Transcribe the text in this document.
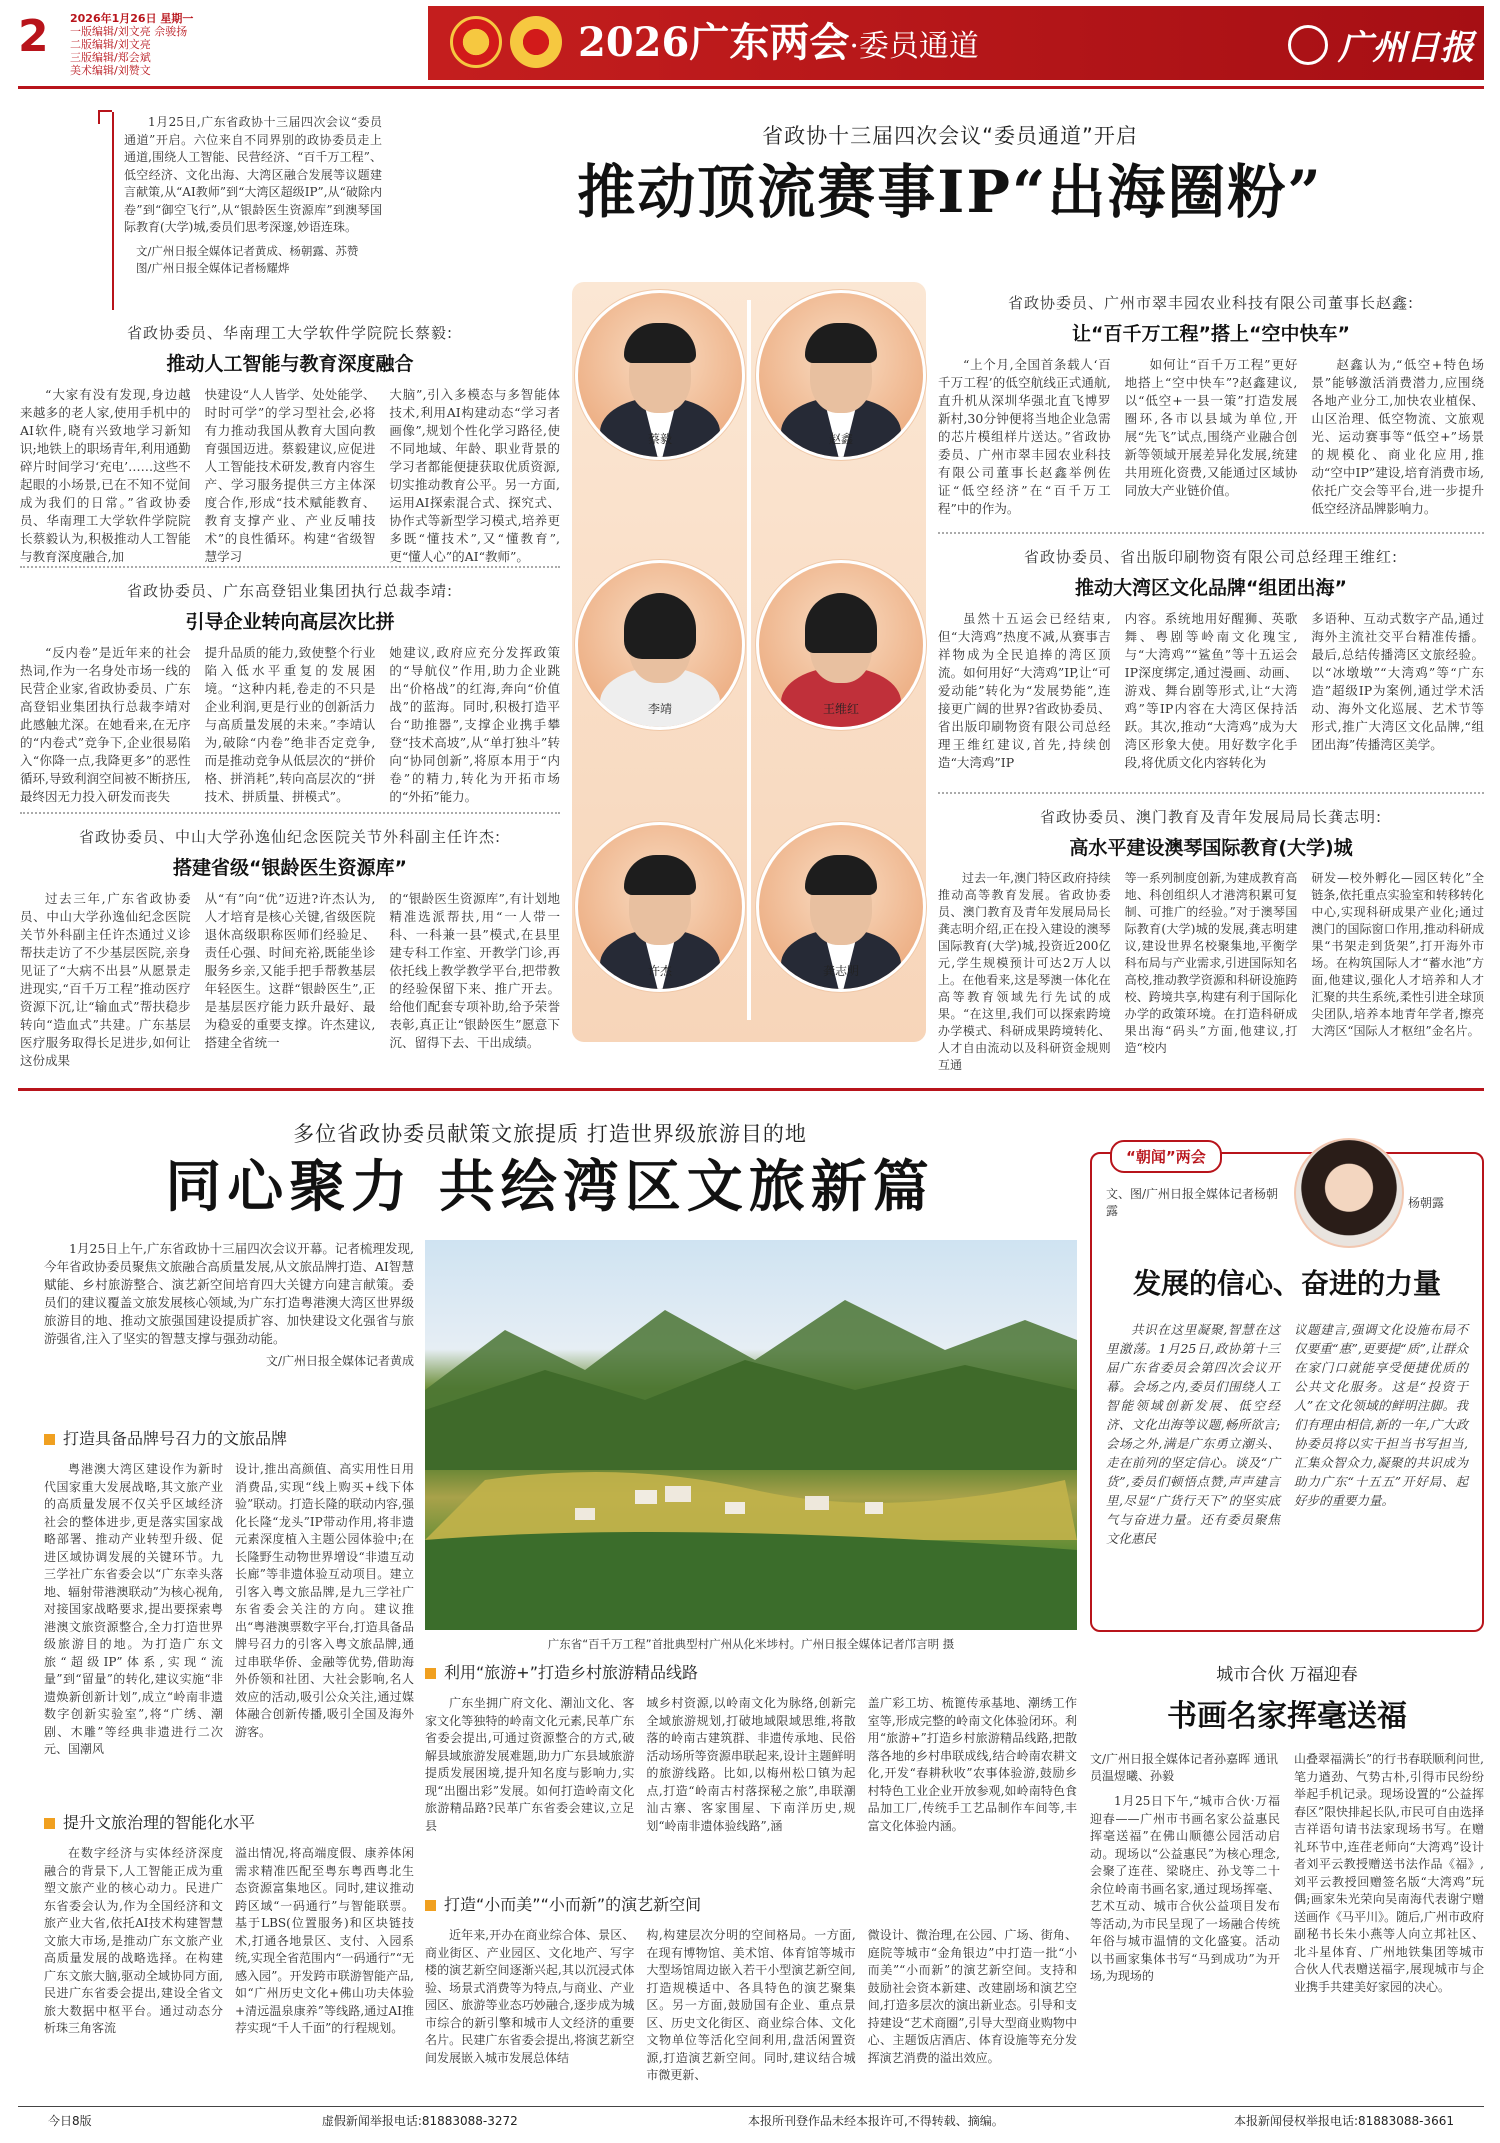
2 2026年1月26日 星期一
一版编辑/刘文亮 佘骏扬
二版编辑/刘文亮
三版编辑/郑会斌
美术编辑/刘赞文
2026广东两会·委员通道	广州日报

1月25日,广东省政协十三届四次会议“委员通道”开启。六位来自不同界别的政协委员走上通道,围绕人工智能、民营经济、“百千万工程”、低空经济、文化出海、大湾区融合发展等议题建言献策,从“AI教师”到“大湾区超级IP”,从“破除内卷”到“御空飞行”,从“银龄医生资源库”到澳琴国际教育(大学)城,委员们思考深邃,妙语连珠。

文/广州日报全媒体记者黄成、杨朝露、苏赞
图/广州日报全媒体记者杨耀烨
省政协十三届四次会议“委员通道”开启
推动顶流赛事IP“出海圈粉”
蔡毅	赵鑫
李靖	王维红
许杰	龚志明
省政协委员、华南理工大学软件学院院长蔡毅:
推动人工智能与教育深度融合

“大家有没有发现,身边越来越多的老人家,使用手机中的AI软件,晓有兴致地学习新知识;地铁上的职场青年,利用通勤碎片时间学习‘充电’……这些不起眼的小场景,已在不知不觉间成为我们的日常。”省政协委员、华南理工大学软件学院院长蔡毅认为,积极推动人工智能与教育深度融合,加

快建设“人人皆学、处处能学、时时可学”的学习型社会,必将有力推动我国从教育大国向教育强国迈进。蔡毅建议,应促进人工智能技术研发,教育内容生产、学习服务提供三方主体深度合作,形成“技术赋能教育、教育支撑产业、产业反哺技术”的良性循环。构建“省级智慧学习

大脑”,引入多模态与多智能体技术,利用AI构建动态“学习者画像”,规划个性化学习路径,使不同地域、年龄、职业背景的学习者都能便捷获取优质资源,切实推动教育公平。另一方面,运用AI探索混合式、探究式、协作式等新型学习模式,培养更多既“懂技术”,又“懂教育”,更“懂人心”的AI“教师”。

省政协委员、广东高登铝业集团执行总裁李靖:
引导企业转向高层次比拼

“反内卷”是近年来的社会热词,作为一名身处市场一线的民营企业家,省政协委员、广东高登铝业集团执行总裁李靖对此感触尤深。在她看来,在无序的“内卷式”竞争下,企业很易陷入“你降一点,我降更多”的恶性循环,导致利润空间被不断挤压,最终因无力投入研发而丧失

提升品质的能力,致使整个行业陷入低水平重复的发展困境。“这种内耗,卷走的不只是企业利润,更是行业的创新活力与高质量发展的未来。”李靖认为,破除“内卷”绝非否定竞争,而是推动竞争从低层次的“拼价格、拼消耗”,转向高层次的“拼技术、拼质量、拼模式”。

她建议,政府应充分发挥政策的“导航仪”作用,助力企业跳出“价格战”的红海,奔向“价值战”的蓝海。同时,积极打造平台“助推器”,支撑企业携手攀登“技术高坡”,从“单打独斗”转向“协同创新”,将原本用于“内卷”的精力,转化为开拓市场的“外拓”能力。

省政协委员、中山大学孙逸仙纪念医院关节外科副主任许杰:
搭建省级“银龄医生资源库”

过去三年,广东省政协委员、中山大学孙逸仙纪念医院关节外科副主任许杰通过义诊帮扶走访了不少基层医院,亲身见证了“大病不出县”从愿景走进现实,“百千万工程”推动医疗资源下沉,让“输血式”帮扶稳步转向“造血式”共建。广东基层医疗服务取得长足进步,如何让这份成果

从“有”向“优”迈进?许杰认为,人才培育是核心关键,省级医院退休高级职称医师们经验足、责任心强、时间充裕,既能坐诊服务乡亲,又能手把手帮教基层年轻医生。这群“银龄医生”,正是基层医疗能力跃升最好、最为稳妥的重要支撑。许杰建议,搭建全省统一

的“银龄医生资源库”,有计划地精准选派帮扶,用“一人带一科、一科兼一县”模式,在县里建专科工作室、开教学门诊,再依托线上教学教学平台,把带教的经验保留下来、推广开去。给他们配套专项补助,给予荣誉表彰,真正让“银龄医生”愿意下沉、留得下去、干出成绩。

省政协委员、广州市翠丰园农业科技有限公司董事长赵鑫:
让“百千万工程”搭上“空中快车”

“上个月,全国首条载人‘百千万工程’的低空航线正式通航,直升机从深圳华强北直飞博罗新村,30分钟便将当地企业急需的芯片模组样片送达。”省政协委员、广州市翠丰园农业科技有限公司董事长赵鑫举例佐证“低空经济”在“百千万工程”中的作为。

如何让“百千万工程”更好地搭上“空中快车”?赵鑫建议,以“低空+一县一策”打造发展圈环,各市以县域为单位,开展“先飞”试点,围绕产业融合创新等领域开展差异化发展,统建共用班化资费,又能通过区域协同放大产业链价值。

赵鑫认为,“低空+特色场景”能够激活消费潜力,应围绕各地产业分工,加快农业植保、山区治理、低空物流、文旅观光、运动赛事等“低空+”场景的规模化、商业化应用,推动“空中IP”建设,培育消费市场,依托广交会等平台,进一步提升低空经济品牌影响力。

省政协委员、省出版印刷物资有限公司总经理王维红:
推动大湾区文化品牌“组团出海”

虽然十五运会已经结束,但“大湾鸡”热度不减,从赛事吉祥物成为全民追捧的湾区顶流。如何用好“大湾鸡”IP,让“可爱动能”转化为“发展势能”,连接更广阔的世界?省政协委员、省出版印刷物资有限公司总经理王维红建议,首先,持续创造“大湾鸡”IP

内容。系统地用好醒狮、英歌舞、粤剧等岭南文化瑰宝,与“大湾鸡”“鲨鱼”等十五运会IP深度绑定,通过漫画、动画、游戏、舞台剧等形式,让“大湾鸡”等IP内容在大湾区保持活跃。其次,推动“大湾鸡”成为大湾区形象大使。用好数字化手段,将优质文化内容转化为

多语种、互动式数字产品,通过海外主流社交平台精准传播。最后,总结传播湾区文旅经验。以“冰墩墩”“大湾鸡”等“广东造”超级IP为案例,通过学术活动、海外文化巡展、艺术节等形式,推广大湾区文化品牌,“组团出海”传播湾区美学。

省政协委员、澳门教育及青年发展局局长龚志明:
高水平建设澳琴国际教育(大学)城

过去一年,澳门特区政府持续推动高等教育发展。省政协委员、澳门教育及青年发展局局长龚志明介绍,正在投入建设的澳琴国际教育(大学)城,投资近200亿元,学生规模预计可达2万人以上。在他看来,这是琴澳一体化在高等教育领域先行先试的成果。“在这里,我们可以探索跨境办学模式、科研成果跨境转化、人才自由流动以及科研资金规则互通

等一系列制度创新,为建成教育高地、科创组织人才港湾积累可复制、可推广的经验。”对于澳琴国际教育(大学)城的发展,龚志明建议,建设世界名校聚集地,平衡学科布局与产业需求,引进国际知名高校,推动教学资源和科研设施跨校、跨境共享,构建有利于国际化办学的政策环境。在打造科研成果出海“码头”方面,他建议,打造“校内

研发—校外孵化—园区转化”全链条,依托重点实验室和转移转化中心,实现科研成果产业化;通过澳门的国际窗口作用,推动科研成果“书架走到货架”,打开海外市场。在构筑国际人才“蓄水池”方面,他建议,强化人才培养和人才汇聚的共生系统,柔性引进全球顶尖团队,培养本地青年学者,擦亮大湾区“国际人才枢纽”金名片。

多位省政协委员献策文旅提质 打造世界级旅游目的地
同心聚力 共绘湾区文旅新篇

1月25日上午,广东省政协十三届四次会议开幕。记者梳理发现,今年省政协委员聚焦文旅融合高质量发展,从文旅品牌打造、AI智慧赋能、乡村旅游整合、演艺新空间培育四大关键方向建言献策。委员们的建议覆盖文旅发展核心领域,为广东打造粤港澳大湾区世界级旅游目的地、推动文旅强国建设提质扩容、加快建设文化强省与旅游强省,注入了坚实的智慧支撑与强劲动能。

文/广州日报全媒体记者黄成
广东省“百千万工程”首批典型村广州从化米埗村。广州日报全媒体记者邝言明 摄
打造具备品牌号召力的文旅品牌

粤港澳大湾区建设作为新时代国家重大发展战略,其文旅产业的高质量发展不仅关乎区域经济社会的整体进步,更是落实国家战略部署、推动产业转型升级、促进区域协调发展的关键环节。九三学社广东省委会以“广东幸头落地、辐射带港澳联动”为核心视角,对接国家战略要求,提出要探索粤港澳文旅资源整合,全力打造世界级旅游目的地。为打造广东文旅“超级IP”体系,实现“流量”到“留量”的转化,建议实施“非遗焕新创新计划”,成立“岭南非遗数字创新实验室”,将“广绣、潮剧、木雕”等经典非遗进行二次元、国潮风

设计,推出高颜值、高实用性日用消费品,实现“线上购买+线下体验”联动。打造长隆的联动内容,强化长隆“龙头”IP带动作用,将非遗元素深度植入主题公园体验中;在长隆野生动物世界增设“非遗互动长廊”等非遗体验互动项目。建立引客入粤文旅品牌,是九三学社广东省委会关注的方向。建议推出“粤港澳票数字平台,打造具备品牌号召力的引客入粤文旅品牌,通过串联华侨、金融等优势,借助海外侨领和社团、大社会影响,名人效应的活动,吸引公众关注,通过媒体融合创新传播,吸引全国及海外游客。

提升文旅治理的智能化水平

在数字经济与实体经济深度融合的背景下,人工智能正成为重塑文旅产业的核心动力。民进广东省委会认为,作为全国经济和文旅产业大省,依托AI技术构建智慧文旅大市场,是推动广东文旅产业高质量发展的战略选择。在构建广东文旅大脑,驱动全域协同方面,民进广东省委会提出,建设全省文旅大数据中枢平台。通过动态分析珠三角客流

溢出情况,将高端度假、康养体闲需求精准匹配至粤东粤西粤北生态资源富集地区。同时,建议推动跨区域“一码通行”与智能联票。基于LBS(位置服务)和区块链技术,打通各地景区、支付、入园系统,实现全省范围内“一码通行”“无感入园”。开发跨市联游智能产品,如“广州历史文化+佛山功夫体验+清远温泉康养”等线路,通过AI推荐实现“千人千面”的行程规划。

利用“旅游+”打造乡村旅游精品线路

广东坐拥广府文化、潮汕文化、客家文化等独特的岭南文化元素,民革广东省委会提出,可通过资源整合的方式,破解县域旅游发展难题,助力广东县域旅游提质发展困境,提升知名度与影响力,实现“出圈出彩”发展。如何打造岭南文化旅游精品路?民革广东省委会建议,立足县

域乡村资源,以岭南文化为脉络,创新完全域旅游规划,打破地域限域思维,将散落的岭南古建筑群、非遗传承地、民俗活动场所等资源串联起来,设计主题鲜明的旅游线路。比如,以梅州松口镇为起点,打造“岭南古村落探秘之旅”,串联潮汕古寨、客家围屋、下南洋历史,规划“岭南非遗体验线路”,涵

盖广彩工坊、梳篦传承基地、潮绣工作室等,形成完整的岭南文化体验闭环。利用“旅游+”打造乡村旅游精品线路,把散落各地的乡村串联成线,结合岭南农耕文化,开发“春耕秋收”农事体验游,鼓励乡村特色工业企业开放参观,如岭南特色食品加工厂,传统手工艺品制作车间等,丰富文化体验内涵。

打造“小而美”“小而新”的演艺新空间

近年来,开办在商业综合体、景区、商业街区、产业园区、文化地产、写字楼的演艺新空间逐渐兴起,其以沉浸式体验、场景式消费等为特点,与商业、产业园区、旅游等业态巧妙融合,逐步成为城市综合的新引擎和城市人文经济的重要名片。民建广东省委会提出,将演艺新空间发展嵌入城市发展总体结

构,构建层次分明的空间格局。一方面,在现有博物馆、美术馆、体育馆等城市大型场馆周边嵌入若干小型演艺新空间,打造规模适中、各具特色的演艺聚集区。另一方面,鼓励国有企业、重点景区、历史文化街区、商业综合体、文化文物单位等活化空间利用,盘活闲置资源,打造演艺新空间。同时,建议结合城市微更新、

微设计、微治理,在公园、广场、街角、庭院等城市“金角银边”中打造一批“小而美”“小而新”的演艺新空间。支持和鼓励社会资本新建、改建剧场和演艺空间,打造多层次的演出新业态。引导和支持建设“艺术商圈”,引导大型商业购物中心、主题饭店酒店、体育设施等充分发挥演艺消费的溢出效应。

“朝闻”两会
文、图/广州日报全媒体记者杨朝露
杨朝露
发展的信心、奋进的力量

共识在这里凝聚,智慧在这里激荡。1月25日,政协第十三届广东省委员会第四次会议开幕。会场之内,委员们围绕人工智能领域创新发展、低空经济、文化出海等议题,畅所欲言;会场之外,满是广东勇立潮头、走在前列的坚定信心。谈及“广货”,委员们顿悟点赞,声声建言里,尽显“广货行天下”的坚实底气与奋进力量。还有委员聚焦文化惠民

议题建言,强调文化设施布局不仅要重“惠”,更要提“质”,让群众在家门口就能享受便捷优质的公共文化服务。这是“投资于人”在文化领域的鲜明注脚。我们有理由相信,新的一年,广大政协委员将以实干担当书写担当,汇集众智众力,凝聚的共识成为助力广东“十五五”开好局、起好步的重要力量。

城市合伙 万福迎春
书画名家挥毫送福
文/广州日报全媒体记者孙嘉晖 通讯员温煜曦、孙毅

1月25日下午,“城市合伙·万福迎春——广州市书画名家公益惠民挥毫送福”在佛山顺德公园活动启动。现场以“公益惠民”为核心理念,会聚了连荏、梁晓庄、孙戈等二十余位岭南书画名家,通过现场挥毫、艺术互动、城市合伙公益项目发布等活动,为市民呈现了一场融合传统年俗与城市温情的文化盛宴。活动以书画家集体书写“马到成功”为开场,为现场的

山叠翠福满长”的行书春联顺利问世,笔力遒劲、气势古朴,引得市民纷纷举起手机记录。现场设置的“公益挥春区”限快排起长队,市民可自由选择吉祥语句请书法家现场书写。在赠礼环节中,连荏老师向“大湾鸡”设计者刘平云教授赠送书法作品《福》,刘平云教授回赠签名版“大湾鸡”玩偶;画家朱光荣向吴南海代表谢宁赠送画作《马平川》。随后,广州市政府副秘书长朱小燕等人向立邦社区、北斗星体育、广州地铁集团等城市合伙人代表赠送福字,展现城市与企业携手共建美好家园的决心。

今日8版	虚假新闻举报电话:81883088-3272	本报所刊登作品未经本报许可,不得转载、摘编。	本报新闻侵权举报电话:81883088-3661
